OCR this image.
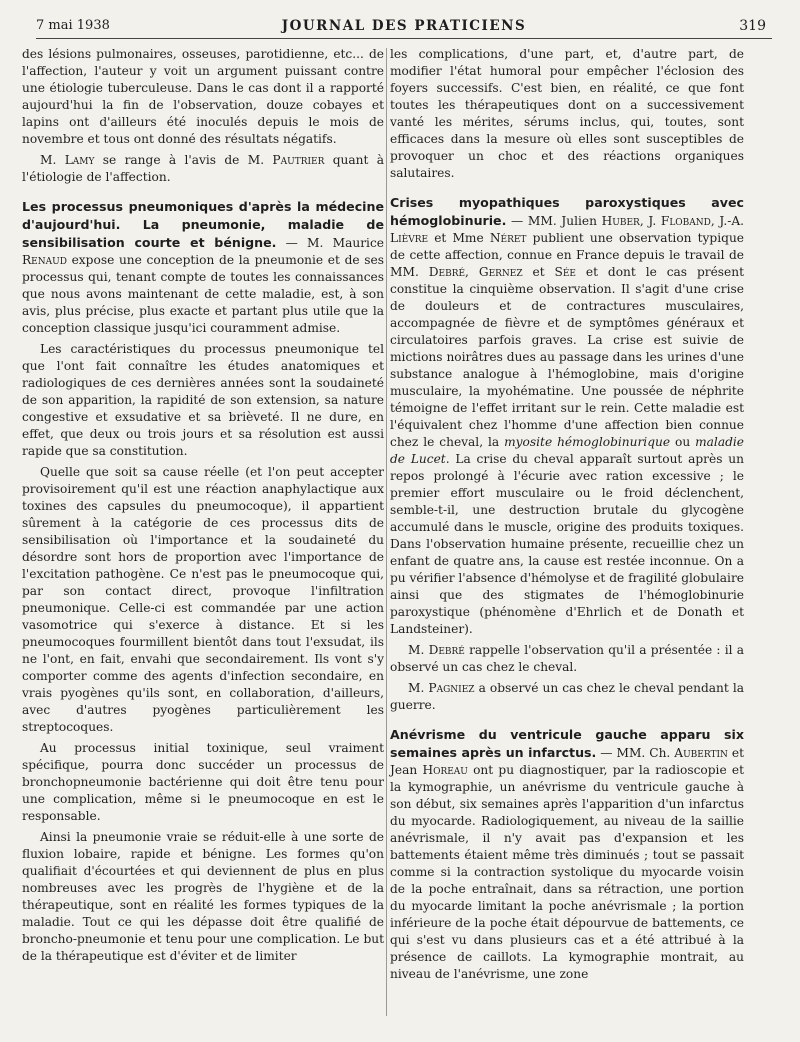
7 mai 1938	JOURNAL DES PRATICIENS	319

des lésions pulmonaires, osseuses, parotidienne, etc... de l'affection, l'auteur y voit un argument puissant contre une étiologie tuberculeuse. Dans le cas dont il a rapporté aujourd'hui la fin de l'observation, douze cobayes et lapins ont d'ailleurs été inoculés depuis le mois de novembre et tous ont donné des résultats négatifs.

M. Lamy se range à l'avis de M. Pautrier quant à l'étiologie de l'affection.

Les processus pneumoniques d'après la médecine d'aujourd'hui. La pneumonie, maladie de sensibilisation courte et bénigne. — M. Maurice Renaud expose une conception de la pneumonie et de ses processus qui, tenant compte de toutes les connaissances que nous avons maintenant de cette maladie, est, à son avis, plus précise, plus exacte et partant plus utile que la conception classique jusqu'ici couramment admise.

Les caractéristiques du processus pneumonique tel que l'ont fait connaître les études anatomiques et radiologiques de ces dernières années sont la soudaineté de son apparition, la rapidité de son extension, sa nature congestive et exsudative et sa brièveté. Il ne dure, en effet, que deux ou trois jours et sa résolution est aussi rapide que sa constitution.

Quelle que soit sa cause réelle (et l'on peut accepter provisoirement qu'il est une réaction anaphylactique aux toxines des capsules du pneumocoque), il appartient sûrement à la catégorie de ces processus dits de sensibilisation où l'importance et la soudaineté du désordre sont hors de proportion avec l'importance de l'excitation pathogène. Ce n'est pas le pneumocoque qui, par son contact direct, provoque l'infiltration pneumonique. Celle-ci est commandée par une action vasomotrice qui s'exerce à distance. Et si les pneumocoques fourmillent bientôt dans tout l'exsudat, ils ne l'ont, en fait, envahi que secondairement. Ils vont s'y comporter comme des agents d'infection secondaire, en vrais pyogènes qu'ils sont, en collaboration, d'ailleurs, avec d'autres pyogènes particulièrement les streptocoques.

Au processus initial toxinique, seul vraiment spécifique, pourra donc succéder un processus de bronchopneumonie bactérienne qui doit être tenu pour une complication, même si le pneumocoque en est le responsable.

Ainsi la pneumonie vraie se réduit-elle à une sorte de fluxion lobaire, rapide et bénigne. Les formes qu'on qualifiait d'écourtées et qui deviennent de plus en plus nombreuses avec les progrès de l'hygiène et de la thérapeutique, sont en réalité les formes typiques de la maladie. Tout ce qui les dépasse doit être qualifié de broncho-pneumonie et tenu pour une complication. Le but de la thérapeutique est d'éviter et de limiter

les complications, d'une part, et, d'autre part, de modifier l'état humoral pour empêcher l'éclosion des foyers successifs. C'est bien, en réalité, ce que font toutes les thérapeutiques dont on a successivement vanté les mérites, sérums inclus, qui, toutes, sont efficaces dans la mesure où elles sont susceptibles de provoquer un choc et des réactions organiques salutaires.

Crises myopathiques paroxystiques avec hémoglobinurie. — MM. Julien Huber, J. Floband, J.-A. Lièvre et Mme Néret publient une observation typique de cette affection, connue en France depuis le travail de MM. Debré, Gernez et Sée et dont le cas présent constitue la cinquième observation. Il s'agit d'une crise de douleurs et de contractures musculaires, accompagnée de fièvre et de symptômes généraux et circulatoires parfois graves. La crise est suivie de mictions noirâtres dues au passage dans les urines d'une substance analogue à l'hémoglobine, mais d'origine musculaire, la myohématine. Une poussée de néphrite témoigne de l'effet irritant sur le rein. Cette maladie est l'équivalent chez l'homme d'une affection bien connue chez le cheval, la myosite hémoglobinurique ou maladie de Lucet. La crise du cheval apparaît surtout après un repos prolongé à l'écurie avec ration excessive ; le premier effort musculaire ou le froid déclenchent, semble-t-il, une destruction brutale du glycogène accumulé dans le muscle, origine des produits toxiques. Dans l'observation humaine présente, recueillie chez un enfant de quatre ans, la cause est restée inconnue. On a pu vérifier l'absence d'hémolyse et de fragilité globulaire ainsi que des stigmates de l'hémoglobinurie paroxystique (phénomène d'Ehrlich et de Donath et Landsteiner).

M. Debré rappelle l'observation qu'il a présentée : il a observé un cas chez le cheval.

M. Pagniez a observé un cas chez le cheval pendant la guerre.

Anévrisme du ventricule gauche apparu six semaines après un infarctus. — MM. Ch. Aubertin et Jean Horeau ont pu diagnostiquer, par la radioscopie et la kymographie, un anévrisme du ventricule gauche à son début, six semaines après l'apparition d'un infarctus du myocarde. Radiologiquement, au niveau de la saillie anévrismale, il n'y avait pas d'expansion et les battements étaient même très diminués ; tout se passait comme si la contraction systolique du myocarde voisin de la poche entraînait, dans sa rétraction, une portion du myocarde limitant la poche anévrismale ; la portion inférieure de la poche était dépourvue de battements, ce qui s'est vu dans plusieurs cas et a été attribué à la présence de caillots. La kymographie montrait, au niveau de l'anévrisme, une zone
